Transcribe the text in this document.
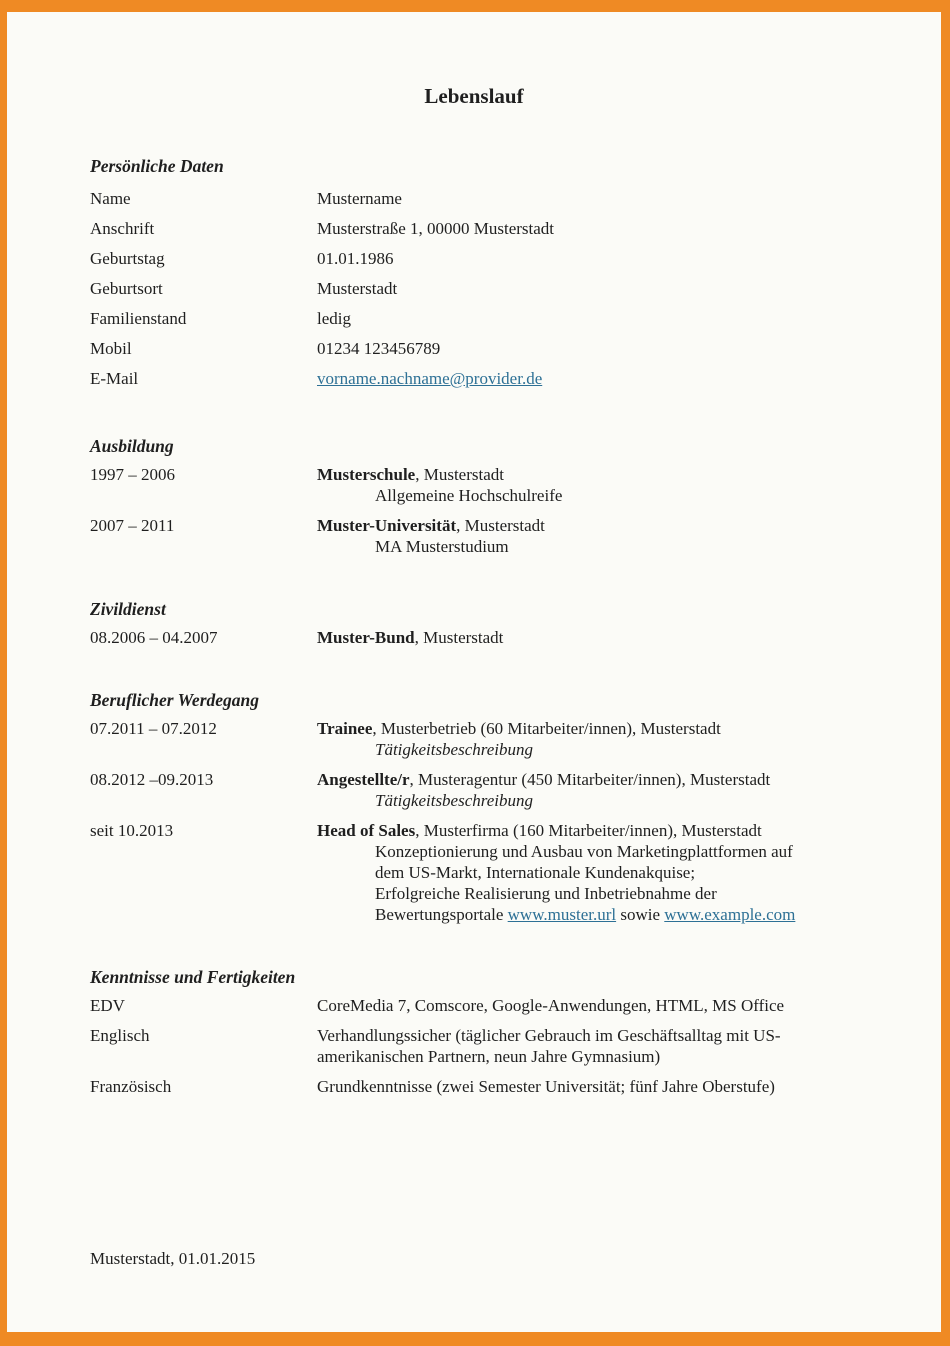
Lebenslauf
Persönliche Daten
Name	Mustername
Anschrift	Musterstraße 1, 00000 Musterstadt
Geburtstag	01.01.1986
Geburtsort	Musterstadt
Familienstand	ledig
Mobil	01234 123456789
E-Mail	vorname.nachname@provider.de
Ausbildung
1997 – 2006	Musterschule, Musterstadt
Allgemeine Hochschulreife
2007 – 2011	Muster-Universität, Musterstadt
MA Musterstudium
Zivildienst
08.2006 – 04.2007	Muster-Bund, Musterstadt
Beruflicher Werdegang
07.2011 – 07.2012	Trainee, Musterbetrieb (60 Mitarbeiter/innen), Musterstadt
Tätigkeitsbeschreibung
08.2012 –09.2013	Angestellte/r, Musteragentur (450 Mitarbeiter/innen), Musterstadt
Tätigkeitsbeschreibung
seit 10.2013	Head of Sales, Musterfirma (160 Mitarbeiter/innen), Musterstadt
Konzeptionierung und Ausbau von Marketingplattformen auf
dem US-Markt, Internationale Kundenakquise;
Erfolgreiche Realisierung und Inbetriebnahme der
Bewertungsportale www.muster.url sowie www.example.com
Kenntnisse und Fertigkeiten
EDV	CoreMedia 7, Comscore, Google-Anwendungen, HTML, MS Office
Englisch	Verhandlungssicher (täglicher Gebrauch im Geschäftsalltag mit US-amerikanischen Partnern, neun Jahre Gymnasium)
Französisch	Grundkenntnisse (zwei Semester Universität; fünf Jahre Oberstufe)
Musterstadt, 01.01.2015
